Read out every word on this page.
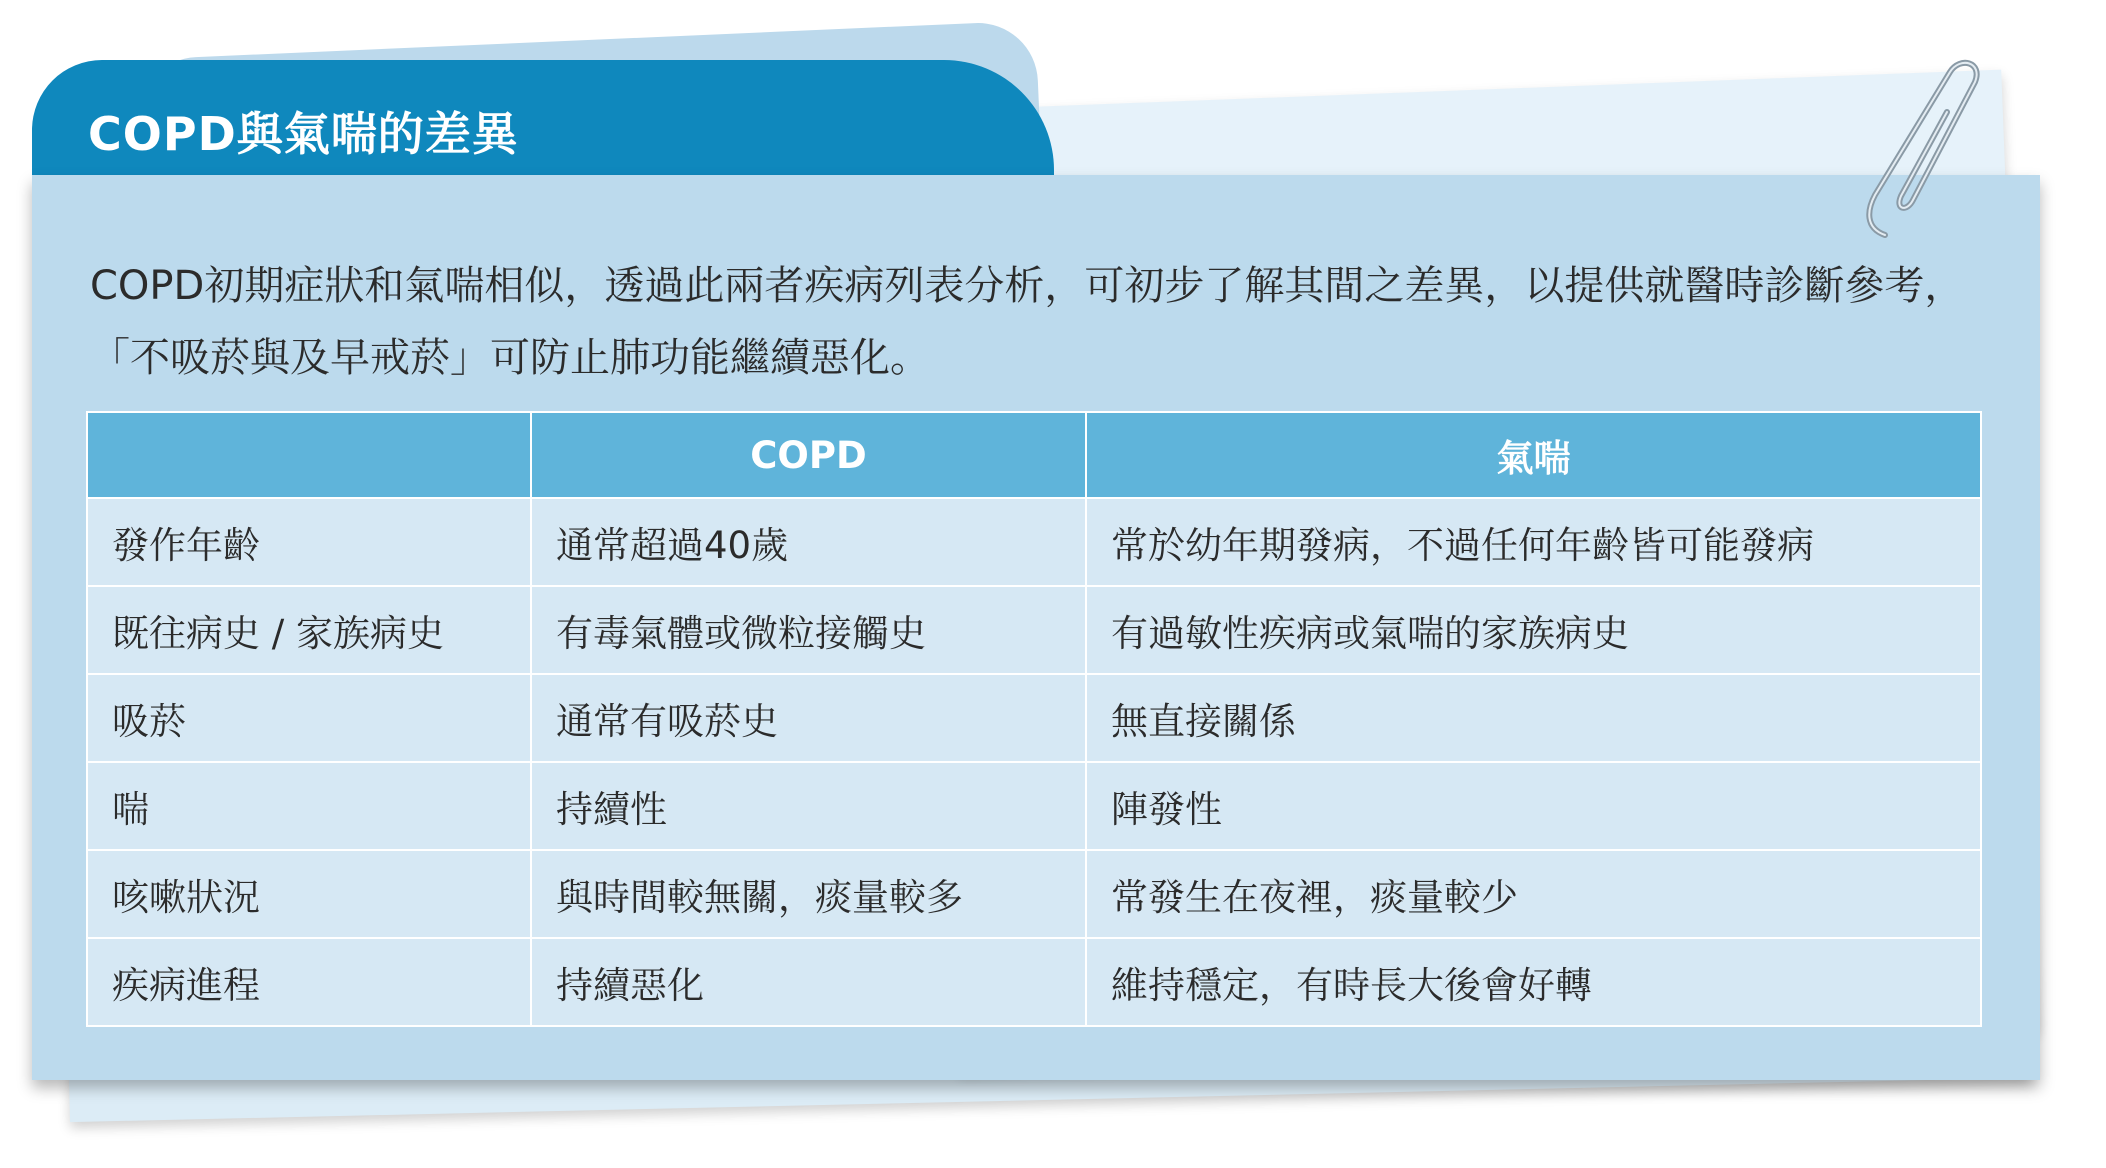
COPD與氣喘的差異
COPD初期症狀和氣喘相似，透過此兩者疾病列表分析，可初步了解其間之差異，以提供就醫時診斷參考，「不吸菸與及早戒菸」可防止肺功能繼續惡化。
	COPD	氣喘
發作年齡	通常超過40歲	常於幼年期發病，不過任何年齡皆可能發病
既往病史 / 家族病史	有毒氣體或微粒接觸史	有過敏性疾病或氣喘的家族病史
吸菸	通常有吸菸史	無直接關係
喘	持續性	陣發性
咳嗽狀況	與時間較無關，痰量較多	常發生在夜裡，痰量較少
疾病進程	持續惡化	維持穩定，有時長大後會好轉
